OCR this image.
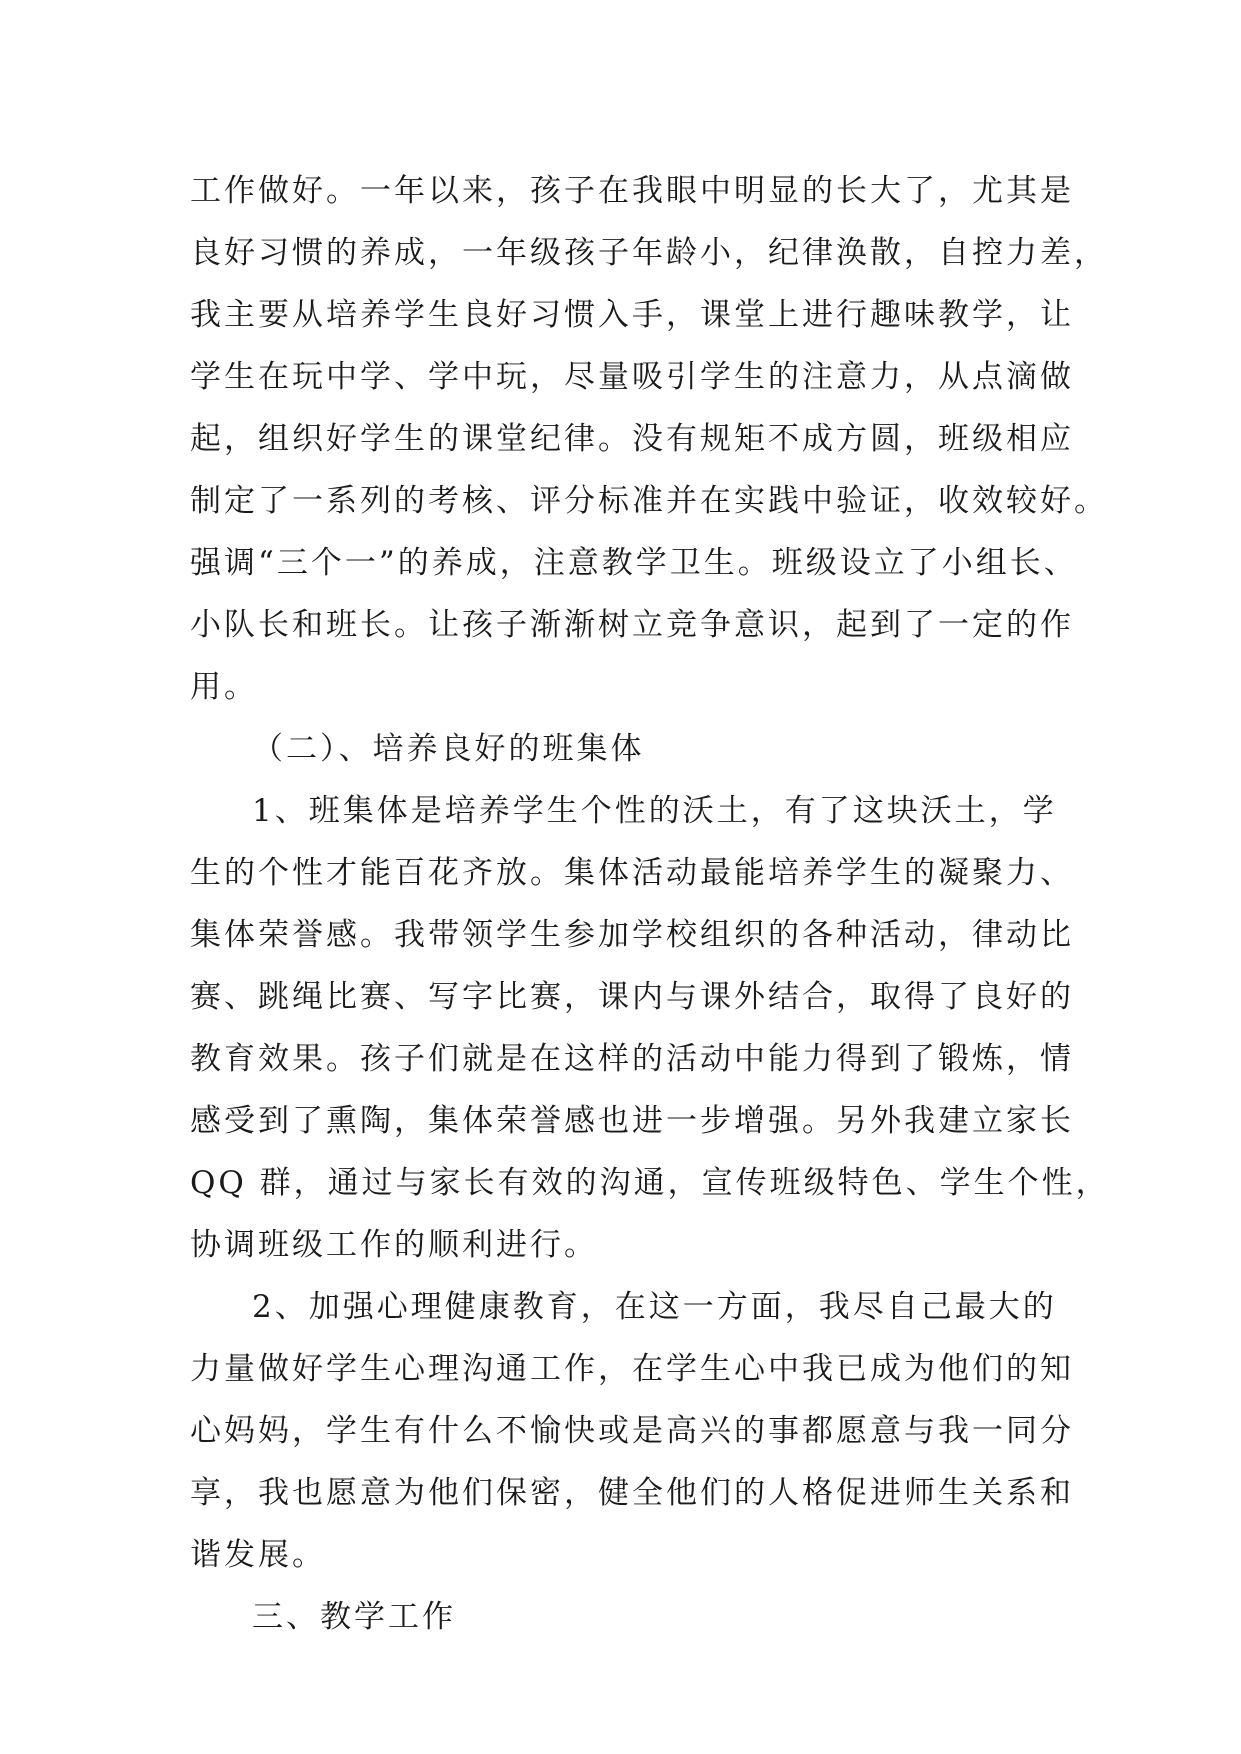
工作做好。一年以来，孩子在我眼中明显的长大了，尤其是
良好习惯的养成，一年级孩子年龄小，纪律涣散，自控力差，
我主要从培养学生良好习惯入手，课堂上进行趣味教学，让
学生在玩中学、学中玩，尽量吸引学生的注意力，从点滴做
起，组织好学生的课堂纪律。没有规矩不成方圆，班级相应
制定了一系列的考核、评分标准并在实践中验证，收效较好。
强调“三个一”的养成，注意教学卫生。班级设立了小组长、
小队长和班长。让孩子渐渐树立竞争意识，起到了一定的作
用。
（二）、培养良好的班集体
1、班集体是培养学生个性的沃土，有了这块沃土，学
生的个性才能百花齐放。集体活动最能培养学生的凝聚力、
集体荣誉感。我带领学生参加学校组织的各种活动，律动比
赛、跳绳比赛、写字比赛，课内与课外结合，取得了良好的
教育效果。孩子们就是在这样的活动中能力得到了锻炼，情
感受到了熏陶，集体荣誉感也进一步增强。另外我建立家长
QQ 群，通过与家长有效的沟通，宣传班级特色、学生个性，
协调班级工作的顺利进行。
2、加强心理健康教育，在这一方面，我尽自己最大的
力量做好学生心理沟通工作，在学生心中我已成为他们的知
心妈妈，学生有什么不愉快或是高兴的事都愿意与我一同分
享，我也愿意为他们保密，健全他们的人格促进师生关系和
谐发展。
三、教学工作
